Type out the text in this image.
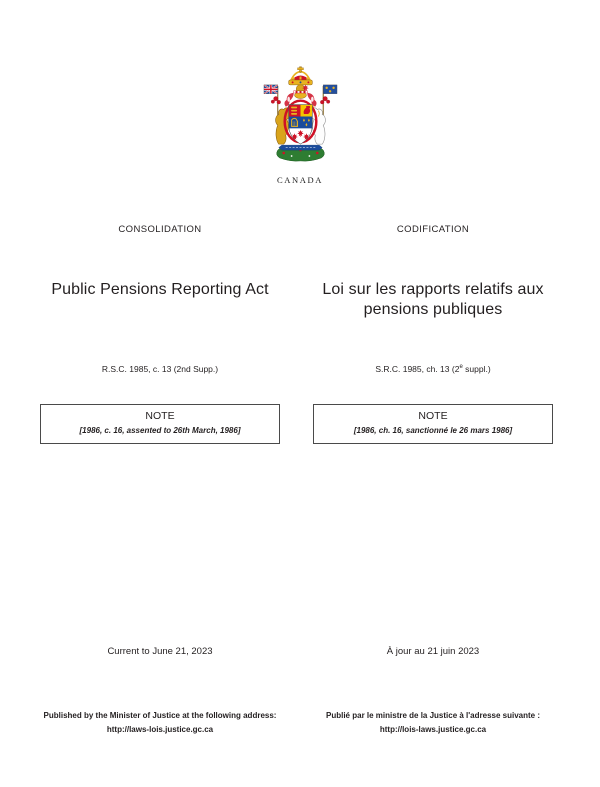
CANADA
CONSOLIDATION	CODIFICATION
Public Pensions Reporting Act	Loi sur les rapports relatifs aux pensions publiques
R.S.C. 1985, c. 13 (2nd Supp.)	S.R.C. 1985, ch. 13 (2e suppl.)
NOTE
[1986, c. 16, assented to 26th March, 1986]
NOTE
[1986, ch. 16, sanctionné le 26 mars 1986]
Current to June 21, 2023	À jour au 21 juin 2023
Published by the Minister of Justice at the following address:
http://laws-lois.justice.gc.ca
Publié par le ministre de la Justice à l'adresse suivante :
http://lois-laws.justice.gc.ca
